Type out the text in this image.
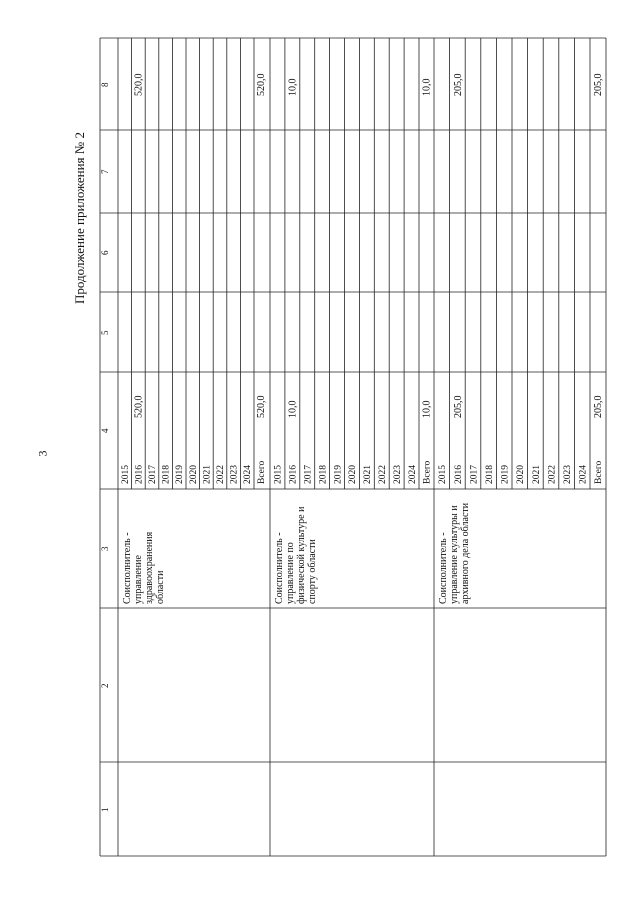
3
Продолжение приложения № 2
1
2
3
4
5
6
7
8
2015 2016 2017 2018 2019 2020 2021 2022 2023 2024 Всего
Соисполнитель - управление здравоохранения области
520,0
520,0
520,0
520,0
2015 2016 2017 2018 2019 2020 2021 2022 2023 2024 Всего
Соисполнитель - управление по физической культуре и спорту области
10,0
10,0
10,0
10,0
2015 2016 2017 2018 2019 2020 2021 2022 2023 2024 Всего
Соисполнитель - управление культуры и архивного дела области
205,0
205,0
205,0
205,0
